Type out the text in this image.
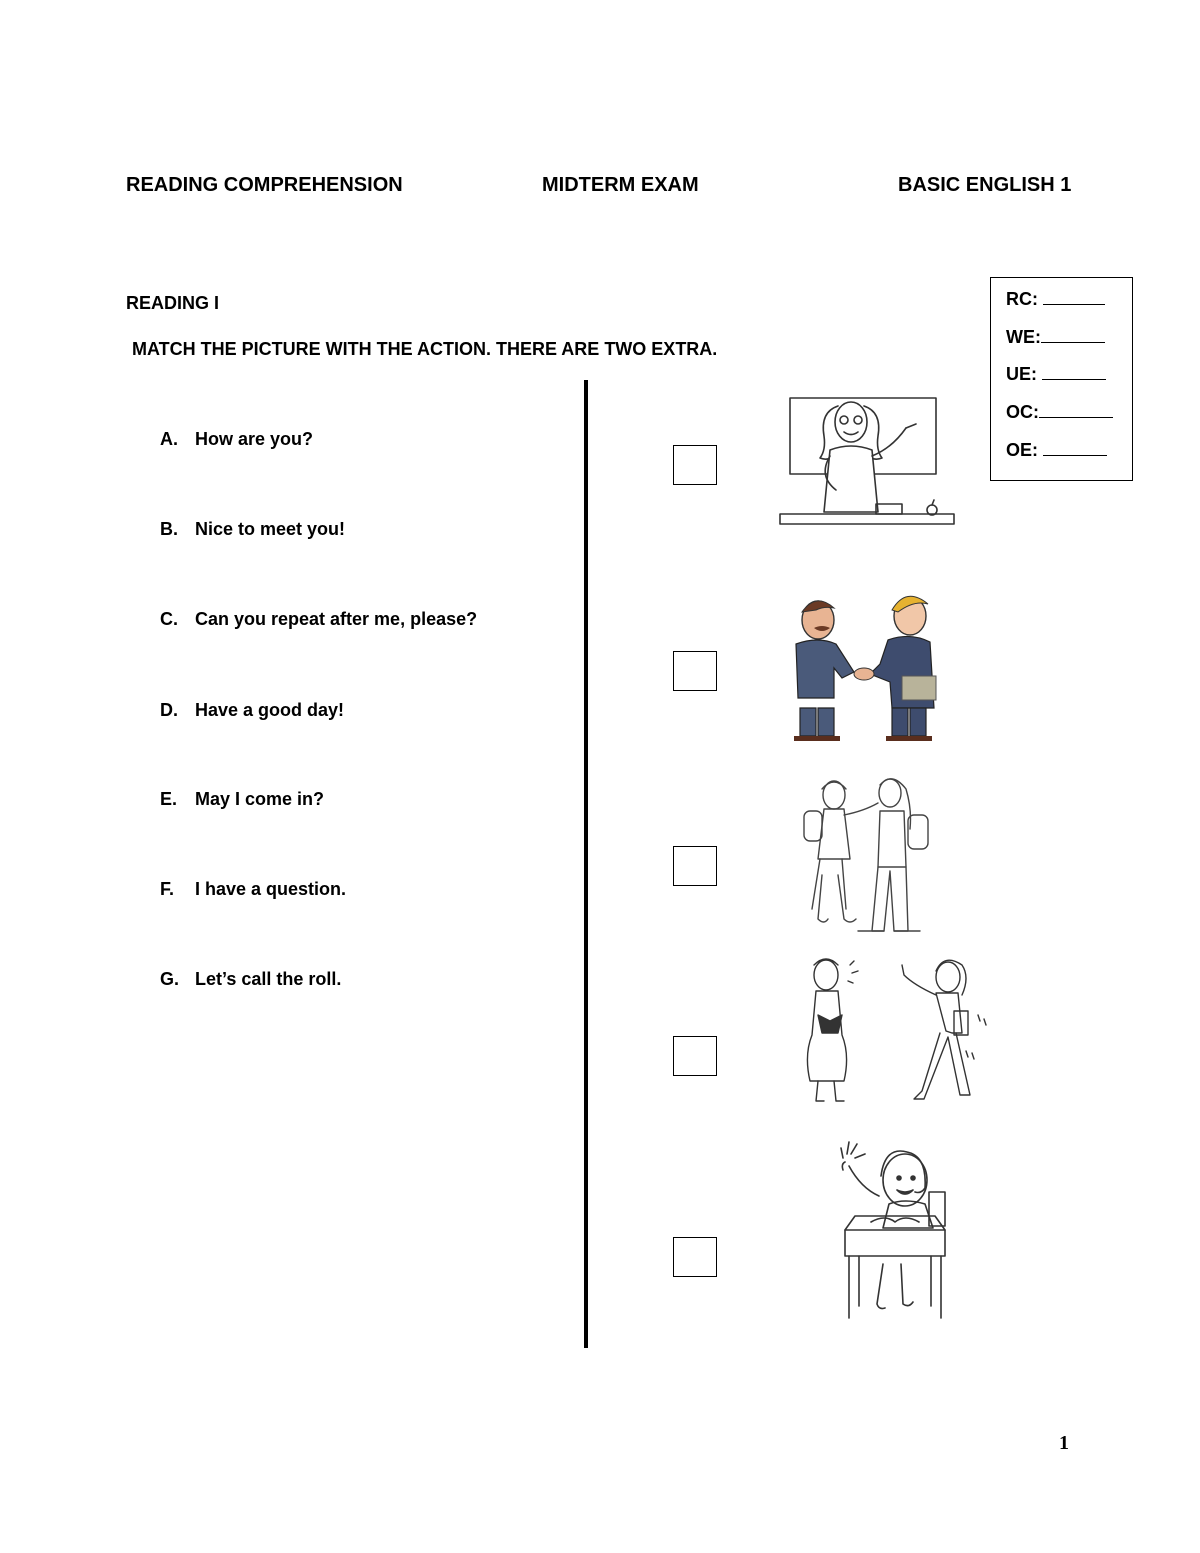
READING COMPREHENSION	MIDTERM EXAM	BASIC ENGLISH 1
READING I
MATCH THE PICTURE WITH THE ACTION. THERE ARE TWO EXTRA.
RC:
WE:
UE:
OC:
OE:
A. How are you?
B. Nice to meet you!
C. Can you repeat after me, please?
D. Have a good day!
E. May I come in?
F. I have a question.
G. Let’s call the roll.
1
